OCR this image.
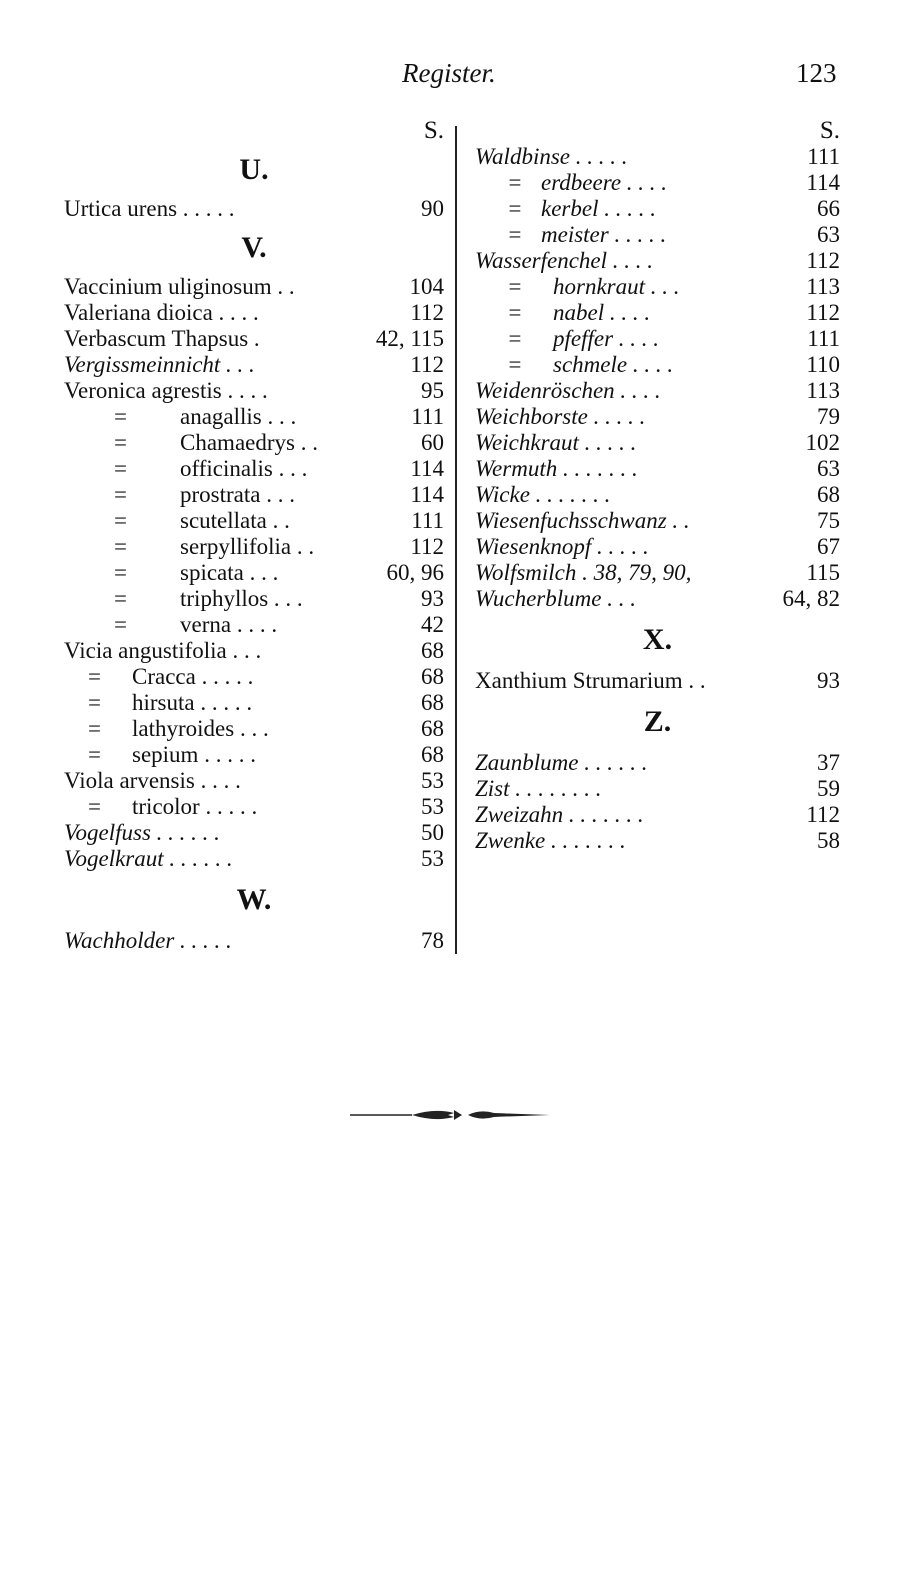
Register.	123
S.
U.
Urtica urens . . . . .	90
V.
Vaccinium uliginosum . .	104
Valeriana dioica . . . .	112
Verbascum Thapsus .	42, 115
Vergissmeinnicht . . .	112
Veronica agrestis . . . .	95
= anagallis . . .	111
= Chamaedrys . .	60
= officinalis . . .	114
= prostrata . . .	114
= scutellata . .	111
= serpyllifolia . .	112
= spicata . . .	60, 96
= triphyllos . . .	93
= verna . . . .	42
Vicia angustifolia . . .	68
= Cracca . . . . .	68
= hirsuta . . . . .	68
= lathyroides . . .	68
= sepium . . . . .	68
Viola arvensis . . . .	53
= tricolor . . . . .	53
Vogelfuss . . . . . .	50
Vogelkraut . . . . . .	53
W.
Wachholder . . . . .	78
S.
Waldbinse . . . . .	111
= erdbeere . . . .	114
= kerbel . . . . .	66
= meister . . . . .	63
Wasserfenchel . . . .	112
= hornkraut . . .	113
= nabel . . . .	112
= pfeffer . . . .	111
= schmele . . . .	110
Weidenröschen . . . .	113
Weichborste . . . . .	79
Weichkraut . . . . .	102
Wermuth . . . . . . .	63
Wicke . . . . . . .	68
Wiesenfuchsschwanz . .	75
Wiesenknopf . . . . .	67
Wolfsmilch . 38, 79, 90,	115
Wucherblume . . .	64, 82
X.
Xanthium Strumarium . .	93
Z.
Zaunblume . . . . . .	37
Zist . . . . . . . .	59
Zweizahn . . . . . . .	112
Zwenke . . . . . . .	58
